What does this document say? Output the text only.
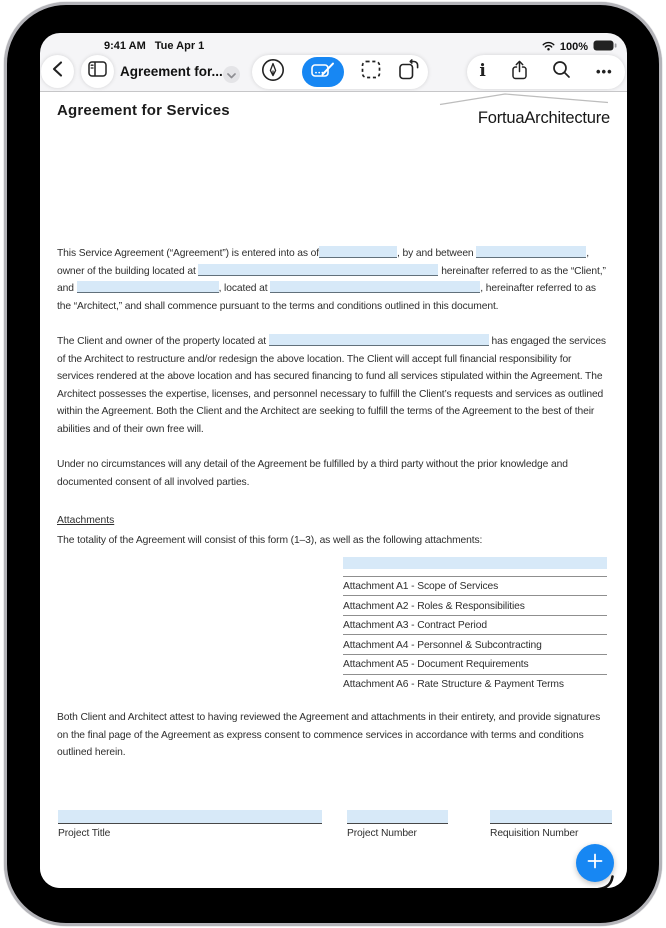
9:41 AM Tue Apr 1	100%
Agreement for...	i	•••
Agreement for Services	FortuaArchitecture

This Service Agreement (“Agreement”) is entered into as of	, by and between	, owner of the building located at	hereinafter referred to as the “Client,” and	, located at	, hereinafter referred to as the “Architect,” and shall commence pursuant to the terms and conditions outlined in this document.

The Client and owner of the property located at	has engaged the services of the Architect to restructure and/or redesign the above location. The Client will accept full financial responsibility for services rendered at the above location and has secured financing to fund all services stipulated within the Agreement. The Architect possesses the expertise, licenses, and personnel necessary to fulfill the Client’s requests and services as outlined within the Agreement. Both the Client and the Architect are seeking to fulfill the terms of the Agreement to the best of their abilities and of their own free will.

Under no circumstances will any detail of the Agreement be fulfilled by a third party without the prior knowledge and documented consent of all involved parties.

Attachments
The totality of the Agreement will consist of this form (1–3), as well as the following attachments:
Attachment A1 - Scope of Services
Attachment A2 - Roles & Responsibilities
Attachment A3 - Contract Period
Attachment A4 - Personnel & Subcontracting
Attachment A5 - Document Requirements
Attachment A6 - Rate Structure & Payment Terms

Both Client and Architect attest to having reviewed the Agreement and attachments in their entirety, and provide signatures on the final page of the Agreement as express consent to commence services in accordance with terms and conditions outlined herein.

Project Title	Project Number	Requisition Number
